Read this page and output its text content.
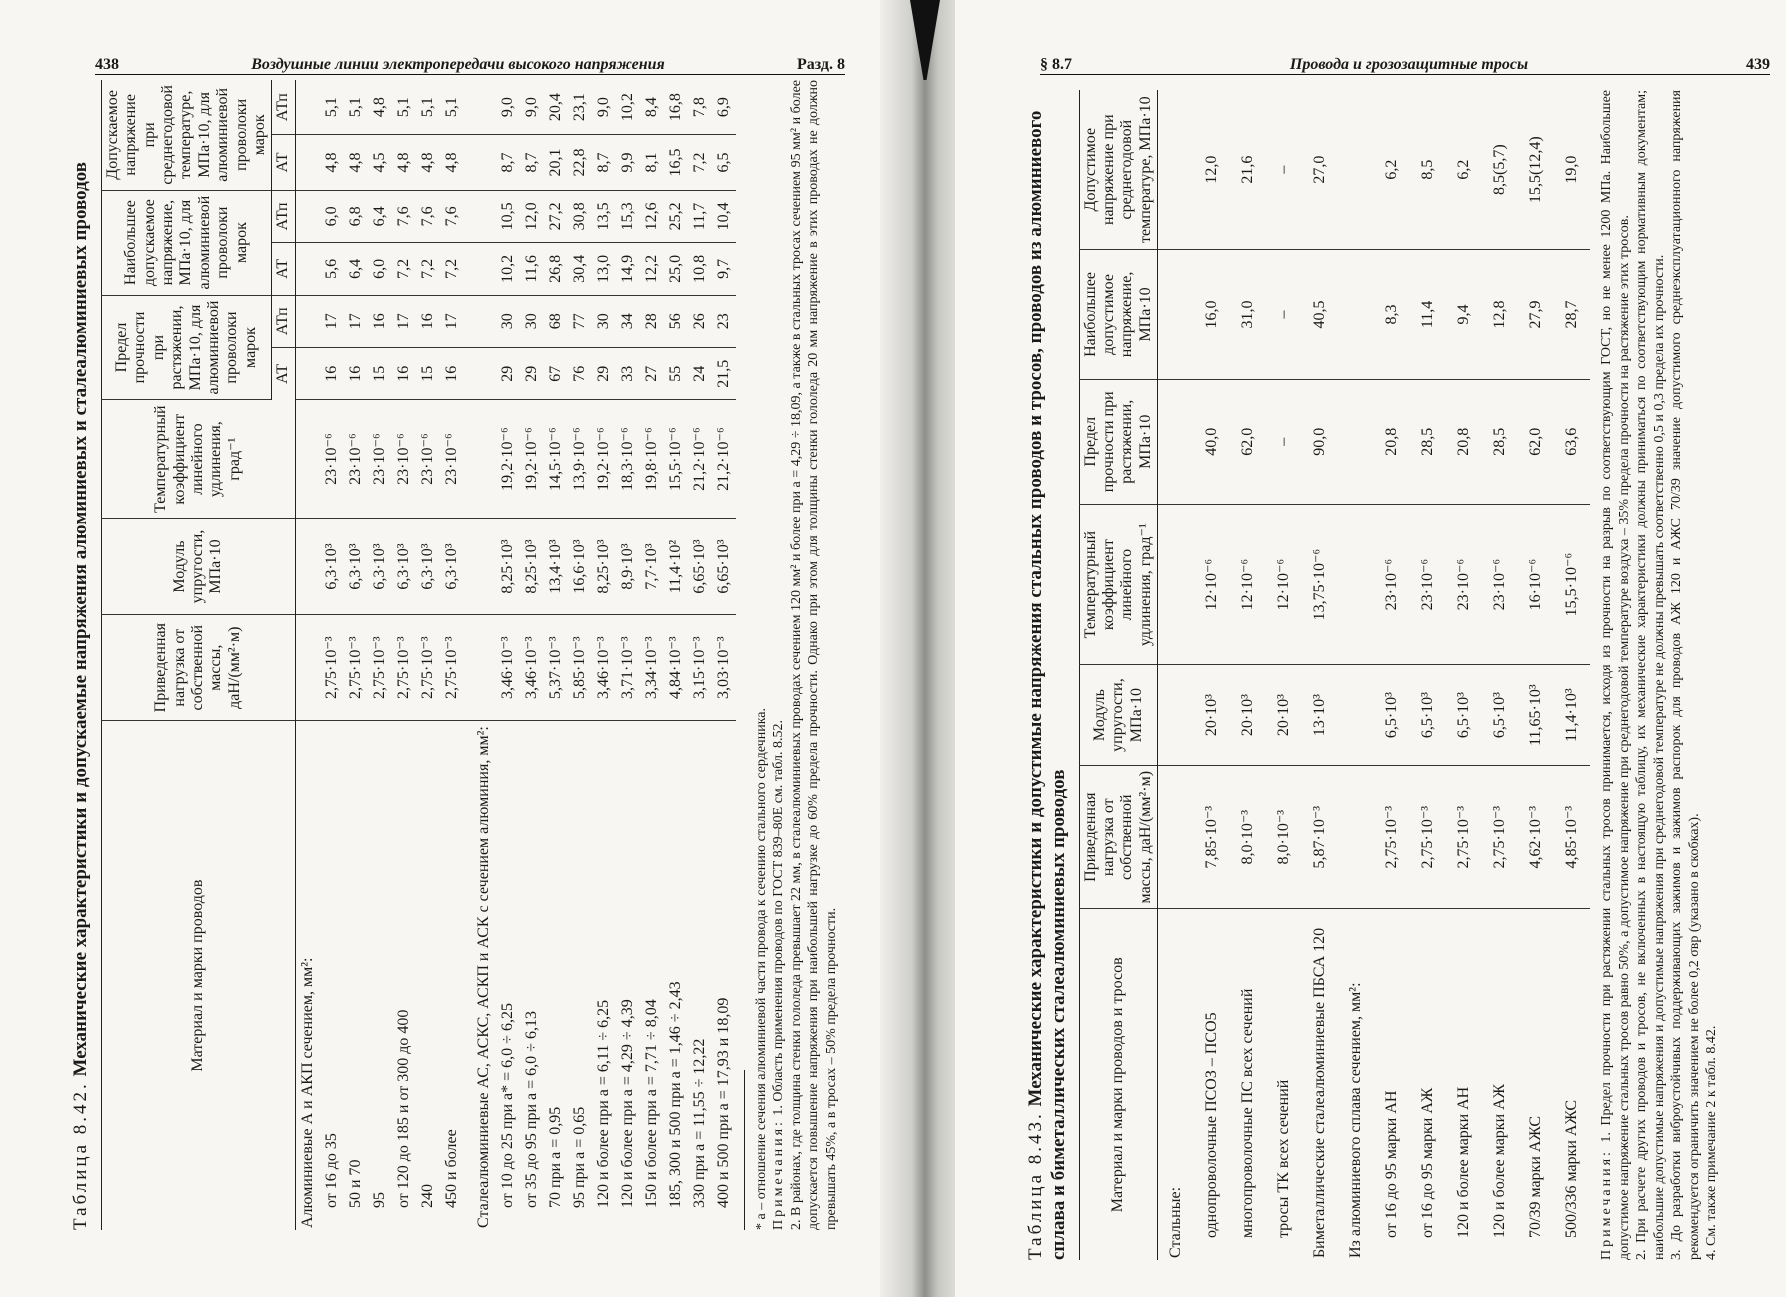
438	Воздушные линии электропередачи высокого напряжения	Разд. 8
Таблица 8.42. Механические характеристики и допускаемые напряжения алюминиевых и сталеалюминиевых проводов	Материал и марки проводов	Приведенная нагрузка от собственной массы, даН/(мм²·м)	Модуль упругости, МПа·10	Температурный коэффициент линейного удлинения, град⁻¹	Предел прочности при растяжении, МПа·10, для алюминиевой проволоки марок		Наибольшее допускаемое напряжение, МПа·10, для алюминиевой проволоки марок		Допускаемое напряжение при среднегодовой температуре, МПа·10, для алюминиевой проволоки марок	
				АТ	АТп	АТ	АТп	АТ	АТп
Алюминиевые А и АКП сечением, мм²:									
от 16 до 35	2,75·10⁻³	6,3·10³	23·10⁻⁶	16	17	5,6	6,0	4,8	5,1
50 и 70	2,75·10⁻³	6,3·10³	23·10⁻⁶	16	17	6,4	6,8	4,8	5,1
95	2,75·10⁻³	6,3·10³	23·10⁻⁶	15	16	6,0	6,4	4,5	4,8
от 120 до 185 и от 300 до 400	2,75·10⁻³	6,3·10³	23·10⁻⁶	16	17	7,2	7,6	4,8	5,1
240	2,75·10⁻³	6,3·10³	23·10⁻⁶	15	16	7,2	7,6	4,8	5,1
450 и более	2,75·10⁻³	6,3·10³	23·10⁻⁶	16	17	7,2	7,6	4,8	5,1
Сталеалюминиевые АС, АСКС, АСКП и АСК с сечением алюминия, мм²:									
от 10 до 25 при a* = 6,0 ÷ 6,25	3,46·10⁻³	8,25·10³	19,2·10⁻⁶	29	30	10,2	10,5	8,7	9,0
от 35 до 95 при a = 6,0 ÷ 6,13	3,46·10⁻³	8,25·10³	19,2·10⁻⁶	29	30	11,6	12,0	8,7	9,0
70 при a = 0,95	5,37·10⁻³	13,4·10³	14,5·10⁻⁶	67	68	26,8	27,2	20,1	20,4
95 при a = 0,65	5,85·10⁻³	16,6·10³	13,9·10⁻⁶	76	77	30,4	30,8	22,8	23,1
120 и более при a = 6,11 ÷ 6,25	3,46·10⁻³	8,25·10³	19,2·10⁻⁶	29	30	13,0	13,5	8,7	9,0
120 и более при a = 4,29 ÷ 4,39	3,71·10⁻³	8,9·10³	18,3·10⁻⁶	33	34	14,9	15,3	9,9	10,2
150 и более при a = 7,71 ÷ 8,04	3,34·10⁻³	7,7·10³	19,8·10⁻⁶	27	28	12,2	12,6	8,1	8,4
185, 300 и 500 при a = 1,46 ÷ 2,43	4,84·10⁻³	11,4·10²	15,5·10⁻⁶	55	56	25,0	25,2	16,5	16,8
330 при a = 11,55 ÷ 12,22	3,15·10⁻³	6,65·10³	21,2·10⁻⁶	24	26	10,8	11,7	7,2	7,8
400 и 500 при a = 17,93 и 18,09	3,03·10⁻³	6,65·10³	21,2·10⁻⁶	21,5	23	9,7	10,4	6,5	6,9

* a – отношение сечения алюминиевой части провода к сечению стального сердечника. Примечания: 1. Область применения проводов по ГОСТ 839–80Е см. табл. 8.52. 2. В районах, где толщина стенки гололеда превышает 22 мм, в сталеалюминиевых проводах сечением 120 мм² и более при a = 4,29 ÷ 18,09, а также в стальных тросах сечением 95 мм² и более допускается повышение напряжения при наибольшей нагрузке до 60% предела прочности. Однако при этом для толщины стенки гололеда 20 мм напряжение в этих проводах не должно превышать 45%, а в тросах – 50% предела прочности.

§ 8.7	Провода и грозозащитные тросы	439
Таблица 8.43. Механические характеристики и допустимые напряжения стальных проводов и тросов, проводов из алюминиевого сплава и биметаллических сталеалюминиевых проводов	Материал и марки проводов и тросов	Приведенная нагрузка от собственной массы, даН/(мм²·м)	Модуль упругости, МПа·10	Температурный коэффициент линейного удлинения, град⁻¹	Предел прочности при растяжении, МПа·10	Наибольшее допустимое напряжение, МПа·10	Допустимое напряжение при среднегодовой температуре, МПа·10
Стальные:						
однопроволочные ПСОЗ – ПСО5	7,85·10⁻³	20·10³	12·10⁻⁶	40,0	16,0	12,0
многопроволочные ПС всех сечений	8,0·10⁻³	20·10³	12·10⁻⁶	62,0	31,0	21,6
тросы ТК всех сечений	8,0·10⁻³	20·10³	12·10⁻⁶	–	–	–
Биметаллические сталеалюминиевые ПБСА 120	5,87·10⁻³	13·10³	13,75·10⁻⁶	90,0	40,5	27,0
Из алюминиевого сплава сечением, мм²:						
от 16 до 95 марки АН	2,75·10⁻³	6,5·10³	23·10⁻⁶	20,8	8,3	6,2
от 16 до 95 марки АЖ	2,75·10⁻³	6,5·10³	23·10⁻⁶	28,5	11,4	8,5
120 и более марки АН	2,75·10⁻³	6,5·10³	23·10⁻⁶	20,8	9,4	6,2
120 и более марки АЖ	2,75·10⁻³	6,5·10³	23·10⁻⁶	28,5	12,8	8,5(5,7)
70/39 марки АЖС	4,62·10⁻³	11,65·10³	16·10⁻⁶	62,0	27,9	15,5(12,4)
500/336 марки АЖС	4,85·10⁻³	11,4·10³	15,5·10⁻⁶	63,6	28,7	19,0

Примечания: 1. Предел прочности при растяжении стальных тросов принимается, исходя из прочности на разрыв по соответствующим ГОСТ, но не менее 1200 МПа. Наибольшее допустимое напряжение стальных тросов равно 50%, а допустимое напряжение при среднегодовой температуре воздуха – 35% предела прочности на растяжение этих тросов. 2. При расчете других проводов и тросов, не включенных в настоящую таблицу, их механические характеристики должны приниматься по соответствующим нормативным документам; наибольшие допустимые напряжения и допустимые напряжения при среднегодовой температуре не должны превышать соответственно 0,5 и 0,3 предела их прочности. 3. До разработки виброустойчивых поддерживающих зажимов и зажимов распорок для проводов АЖ 120 и АЖС 70/39 значение допустимого среднеэксплуатационного напряжения рекомендуется ограничить значением не более 0,2 σвр (указано в скобках). 4. См. также примечание 2 к табл. 8.42.
